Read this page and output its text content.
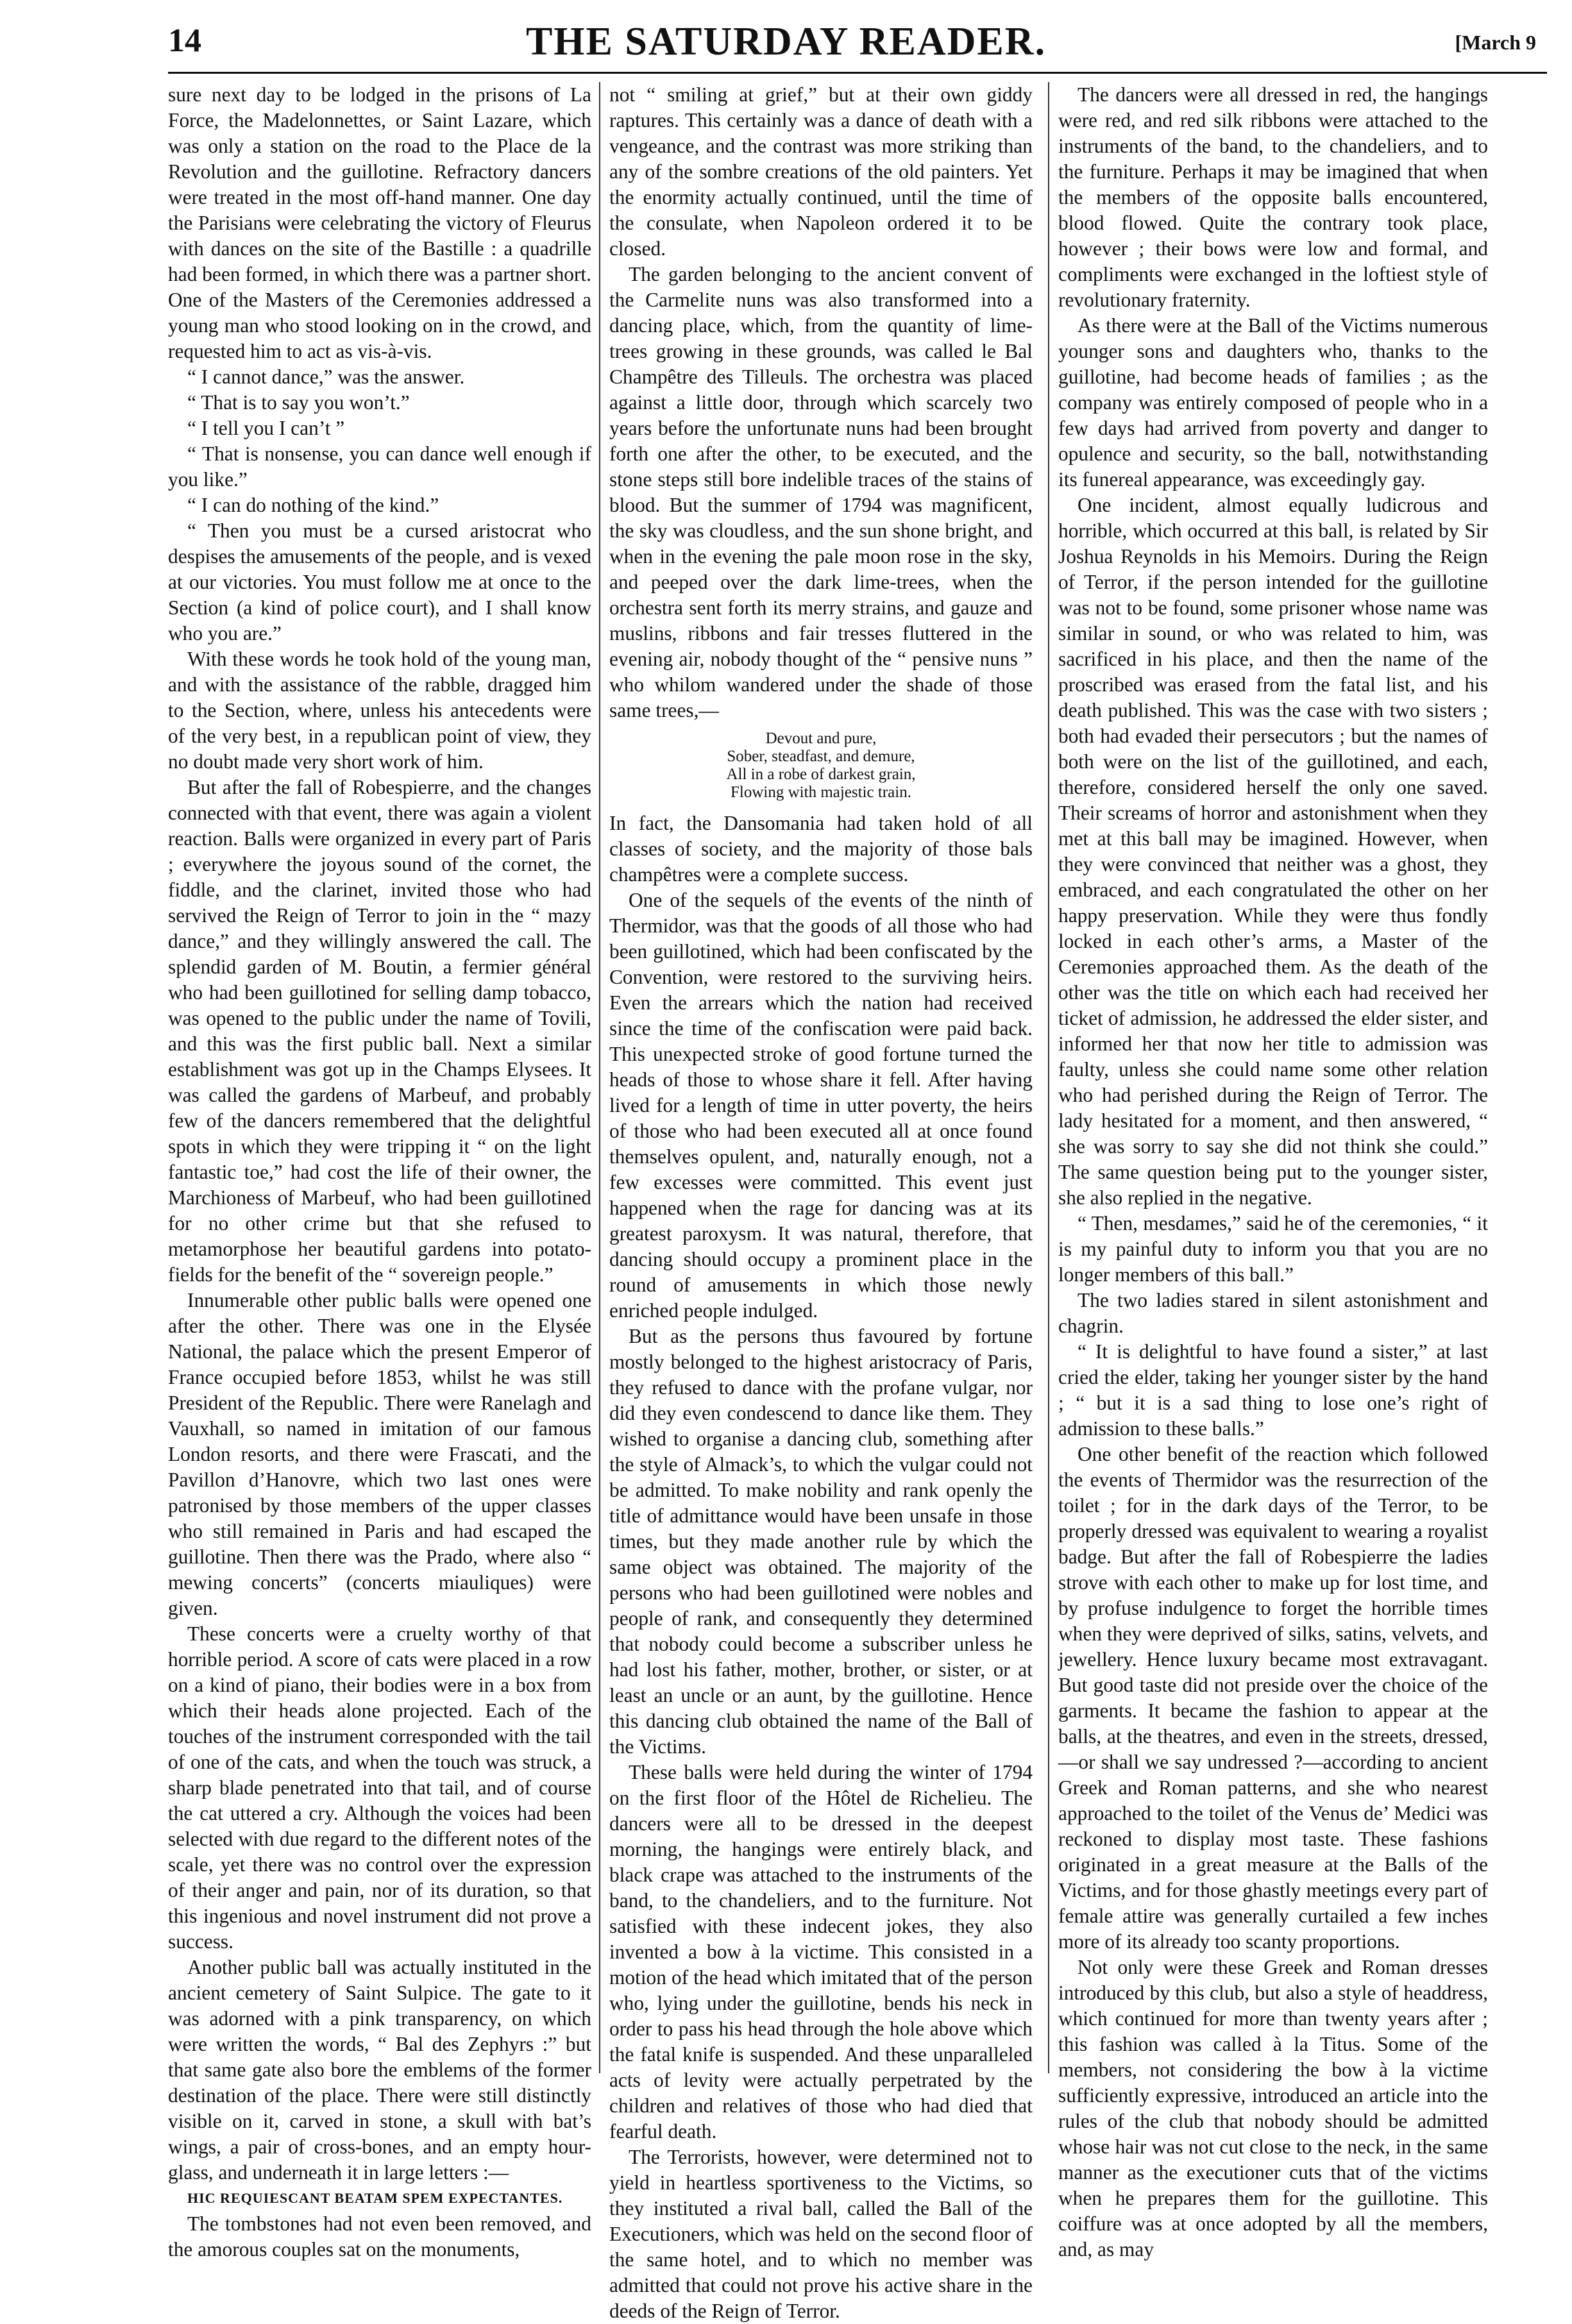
14	THE SATURDAY READER.	[March 9

sure next day to be lodged in the prisons of La Force, the Madelonnettes, or Saint Lazare, which was only a station on the road to the Place de la Revolution and the guillotine. Refractory dancers were treated in the most off-hand manner. One day the Parisians were celebrating the victory of Fleurus with dances on the site of the Bastille : a quadrille had been formed, in which there was a partner short. One of the Masters of the Ceremonies addressed a young man who stood looking on in the crowd, and requested him to act as vis-à-vis.

“ I cannot dance,” was the answer.

“ That is to say you won’t.”

“ I tell you I can’t ”

“ That is nonsense, you can dance well enough if you like.”

“ I can do nothing of the kind.”

“ Then you must be a cursed aristocrat who despises the amusements of the people, and is vexed at our victories. You must follow me at once to the Section (a kind of police court), and I shall know who you are.”

With these words he took hold of the young man, and with the assistance of the rabble, dragged him to the Section, where, unless his antecedents were of the very best, in a republican point of view, they no doubt made very short work of him.

But after the fall of Robespierre, and the changes connected with that event, there was again a violent reaction. Balls were organized in every part of Paris ; everywhere the joyous sound of the cornet, the fiddle, and the clarinet, invited those who had servived the Reign of Terror to join in the “ mazy dance,” and they willingly answered the call. The splendid garden of M. Boutin, a fermier général who had been guillotined for selling damp tobacco, was opened to the public under the name of Tovili, and this was the first public ball. Next a similar establishment was got up in the Champs Elysees. It was called the gardens of Marbeuf, and probably few of the dancers remembered that the delightful spots in which they were tripping it “ on the light fantastic toe,” had cost the life of their owner, the Marchioness of Marbeuf, who had been guillotined for no other crime but that she refused to metamorphose her beautiful gardens into potato-fields for the benefit of the “ sovereign people.”

Innumerable other public balls were opened one after the other. There was one in the Elysée National, the palace which the present Emperor of France occupied before 1853, whilst he was still President of the Republic. There were Ranelagh and Vauxhall, so named in imitation of our famous London resorts, and there were Frascati, and the Pavillon d’Hanovre, which two last ones were patronised by those members of the upper classes who still remained in Paris and had escaped the guillotine. Then there was the Prado, where also “ mewing concerts” (concerts miauliques) were given.

These concerts were a cruelty worthy of that horrible period. A score of cats were placed in a row on a kind of piano, their bodies were in a box from which their heads alone projected. Each of the touches of the instrument corresponded with the tail of one of the cats, and when the touch was struck, a sharp blade penetrated into that tail, and of course the cat uttered a cry. Although the voices had been selected with due regard to the different notes of the scale, yet there was no control over the expression of their anger and pain, nor of its duration, so that this ingenious and novel instrument did not prove a success.

Another public ball was actually instituted in the ancient cemetery of Saint Sulpice. The gate to it was adorned with a pink transparency, on which were written the words, “ Bal des Zephyrs :” but that same gate also bore the emblems of the former destination of the place. There were still distinctly visible on it, carved in stone, a skull with bat’s wings, a pair of cross-bones, and an empty hour-glass, and underneath it in large letters :—

HIC REQUIESCANT BEATAM SPEM EXPECTANTES.

The tombstones had not even been removed, and the amorous couples sat on the monuments,

not “ smiling at grief,” but at their own giddy raptures. This certainly was a dance of death with a vengeance, and the contrast was more striking than any of the sombre creations of the old painters. Yet the enormity actually continued, until the time of the consulate, when Napoleon ordered it to be closed.

The garden belonging to the ancient convent of the Carmelite nuns was also transformed into a dancing place, which, from the quantity of lime-trees growing in these grounds, was called le Bal Champêtre des Tilleuls. The orchestra was placed against a little door, through which scarcely two years before the unfortunate nuns had been brought forth one after the other, to be executed, and the stone steps still bore indelible traces of the stains of blood. But the summer of 1794 was magnificent, the sky was cloudless, and the sun shone bright, and when in the evening the pale moon rose in the sky, and peeped over the dark lime-trees, when the orchestra sent forth its merry strains, and gauze and muslins, ribbons and fair tresses fluttered in the evening air, nobody thought of the “ pensive nuns ” who whilom wandered under the shade of those same trees,—

Devout and pure,
Sober, steadfast, and demure,
All in a robe of darkest grain,
Flowing with majestic train.

In fact, the Dansomania had taken hold of all classes of society, and the majority of those bals champêtres were a complete success.

One of the sequels of the events of the ninth of Thermidor, was that the goods of all those who had been guillotined, which had been confiscated by the Convention, were restored to the surviving heirs. Even the arrears which the nation had received since the time of the confiscation were paid back. This unexpected stroke of good fortune turned the heads of those to whose share it fell. After having lived for a length of time in utter poverty, the heirs of those who had been executed all at once found themselves opulent, and, naturally enough, not a few excesses were committed. This event just happened when the rage for dancing was at its greatest paroxysm. It was natural, therefore, that dancing should occupy a prominent place in the round of amusements in which those newly enriched people indulged.

But as the persons thus favoured by fortune mostly belonged to the highest aristocracy of Paris, they refused to dance with the profane vulgar, nor did they even condescend to dance like them. They wished to organise a dancing club, something after the style of Almack’s, to which the vulgar could not be admitted. To make nobility and rank openly the title of admittance would have been unsafe in those times, but they made another rule by which the same object was obtained. The majority of the persons who had been guillotined were nobles and people of rank, and consequently they determined that nobody could become a subscriber unless he had lost his father, mother, brother, or sister, or at least an uncle or an aunt, by the guillotine. Hence this dancing club obtained the name of the Ball of the Victims.

These balls were held during the winter of 1794 on the first floor of the Hôtel de Richelieu. The dancers were all to be dressed in the deepest morning, the hangings were entirely black, and black crape was attached to the instruments of the band, to the chandeliers, and to the furniture. Not satisfied with these indecent jokes, they also invented a bow à la victime. This consisted in a motion of the head which imitated that of the person who, lying under the guillotine, bends his neck in order to pass his head through the hole above which the fatal knife is suspended. And these unparalleled acts of levity were actually perpetrated by the children and relatives of those who had died that fearful death.

The Terrorists, however, were determined not to yield in heartless sportiveness to the Victims, so they instituted a rival ball, called the Ball of the Executioners, which was held on the second floor of the same hotel, and to which no member was admitted that could not prove his active share in the deeds of the Reign of Terror.

The dancers were all dressed in red, the hangings were red, and red silk ribbons were attached to the instruments of the band, to the chandeliers, and to the furniture. Perhaps it may be imagined that when the members of the opposite balls encountered, blood flowed. Quite the contrary took place, however ; their bows were low and formal, and compliments were exchanged in the loftiest style of revolutionary fraternity.

As there were at the Ball of the Victims numerous younger sons and daughters who, thanks to the guillotine, had become heads of families ; as the company was entirely composed of people who in a few days had arrived from poverty and danger to opulence and security, so the ball, notwithstanding its funereal appearance, was exceedingly gay.

One incident, almost equally ludicrous and horrible, which occurred at this ball, is related by Sir Joshua Reynolds in his Memoirs. During the Reign of Terror, if the person intended for the guillotine was not to be found, some prisoner whose name was similar in sound, or who was related to him, was sacrificed in his place, and then the name of the proscribed was erased from the fatal list, and his death published. This was the case with two sisters ; both had evaded their persecutors ; but the names of both were on the list of the guillotined, and each, therefore, considered herself the only one saved. Their screams of horror and astonishment when they met at this ball may be imagined. However, when they were convinced that neither was a ghost, they embraced, and each congratulated the other on her happy preservation. While they were thus fondly locked in each other’s arms, a Master of the Ceremonies approached them. As the death of the other was the title on which each had received her ticket of admission, he addressed the elder sister, and informed her that now her title to admission was faulty, unless she could name some other relation who had perished during the Reign of Terror. The lady hesitated for a moment, and then answered, “ she was sorry to say she did not think she could.” The same question being put to the younger sister, she also replied in the negative.

“ Then, mesdames,” said he of the ceremonies, “ it is my painful duty to inform you that you are no longer members of this ball.”

The two ladies stared in silent astonishment and chagrin.

“ It is delightful to have found a sister,” at last cried the elder, taking her younger sister by the hand ; “ but it is a sad thing to lose one’s right of admission to these balls.”

One other benefit of the reaction which followed the events of Thermidor was the resurrection of the toilet ; for in the dark days of the Terror, to be properly dressed was equivalent to wearing a royalist badge. But after the fall of Robespierre the ladies strove with each other to make up for lost time, and by profuse indulgence to forget the horrible times when they were deprived of silks, satins, velvets, and jewellery. Hence luxury became most extravagant. But good taste did not preside over the choice of the garments. It became the fashion to appear at the balls, at the theatres, and even in the streets, dressed,—or shall we say undressed ?—according to ancient Greek and Roman patterns, and she who nearest approached to the toilet of the Venus de’ Medici was reckoned to display most taste. These fashions originated in a great measure at the Balls of the Victims, and for those ghastly meetings every part of female attire was generally curtailed a few inches more of its already too scanty proportions.

Not only were these Greek and Roman dresses introduced by this club, but also a style of headdress, which continued for more than twenty years after ; this fashion was called à la Titus. Some of the members, not considering the bow à la victime sufficiently expressive, introduced an article into the rules of the club that nobody should be admitted whose hair was not cut close to the neck, in the same manner as the executioner cuts that of the victims when he prepares them for the guillotine. This coiffure was at once adopted by all the members, and, as may
